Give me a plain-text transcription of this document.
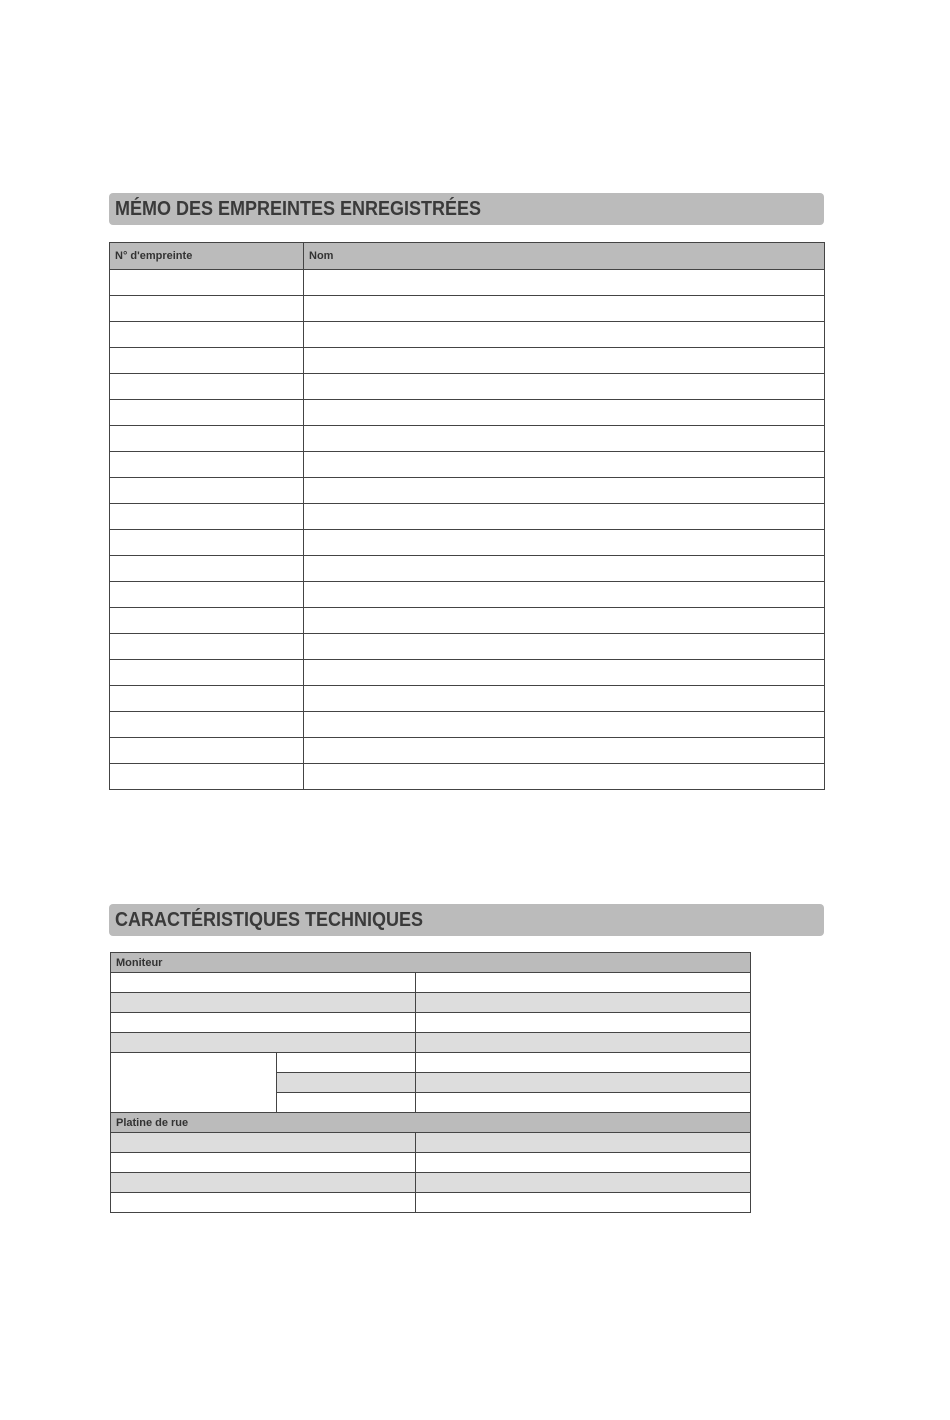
MÉMO DES EMPREINTES ENREGISTRÉES
N° d'empreinte	Nom

CARACTÉRISTIQUES TECHNIQUES
Moniteur		

Platine de rue		
